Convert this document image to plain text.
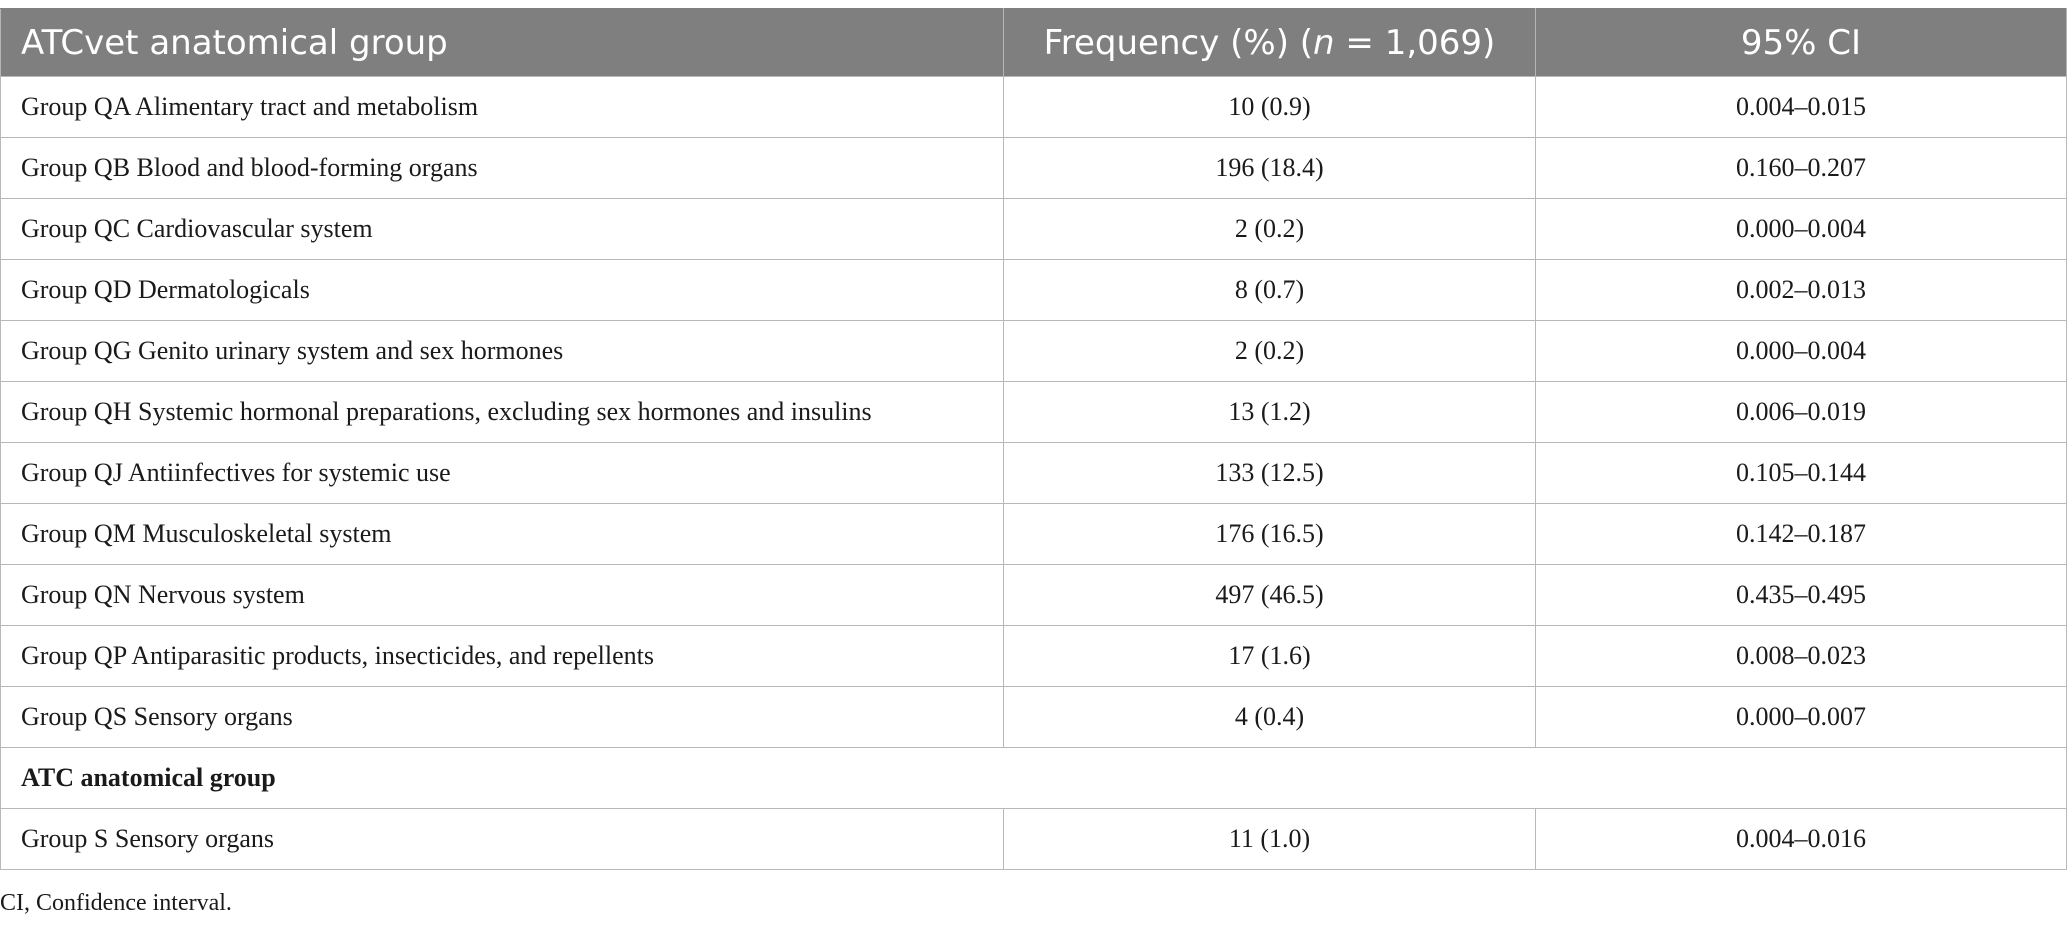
ATCvet anatomical group	Frequency (%) (n = 1,069)	95% CI
Group QA Alimentary tract and metabolism	10 (0.9)	0.004–0.015
Group QB Blood and blood-forming organs	196 (18.4)	0.160–0.207
Group QC Cardiovascular system	2 (0.2)	0.000–0.004
Group QD Dermatologicals	8 (0.7)	0.002–0.013
Group QG Genito urinary system and sex hormones	2 (0.2)	0.000–0.004
Group QH Systemic hormonal preparations, excluding sex hormones and insulins	13 (1.2)	0.006–0.019
Group QJ Antiinfectives for systemic use	133 (12.5)	0.105–0.144
Group QM Musculoskeletal system	176 (16.5)	0.142–0.187
Group QN Nervous system	497 (46.5)	0.435–0.495
Group QP Antiparasitic products, insecticides, and repellents	17 (1.6)	0.008–0.023
Group QS Sensory organs	4 (0.4)	0.000–0.007
ATC anatomical group		
Group S Sensory organs	11 (1.0)	0.004–0.016
CI, Confidence interval.
